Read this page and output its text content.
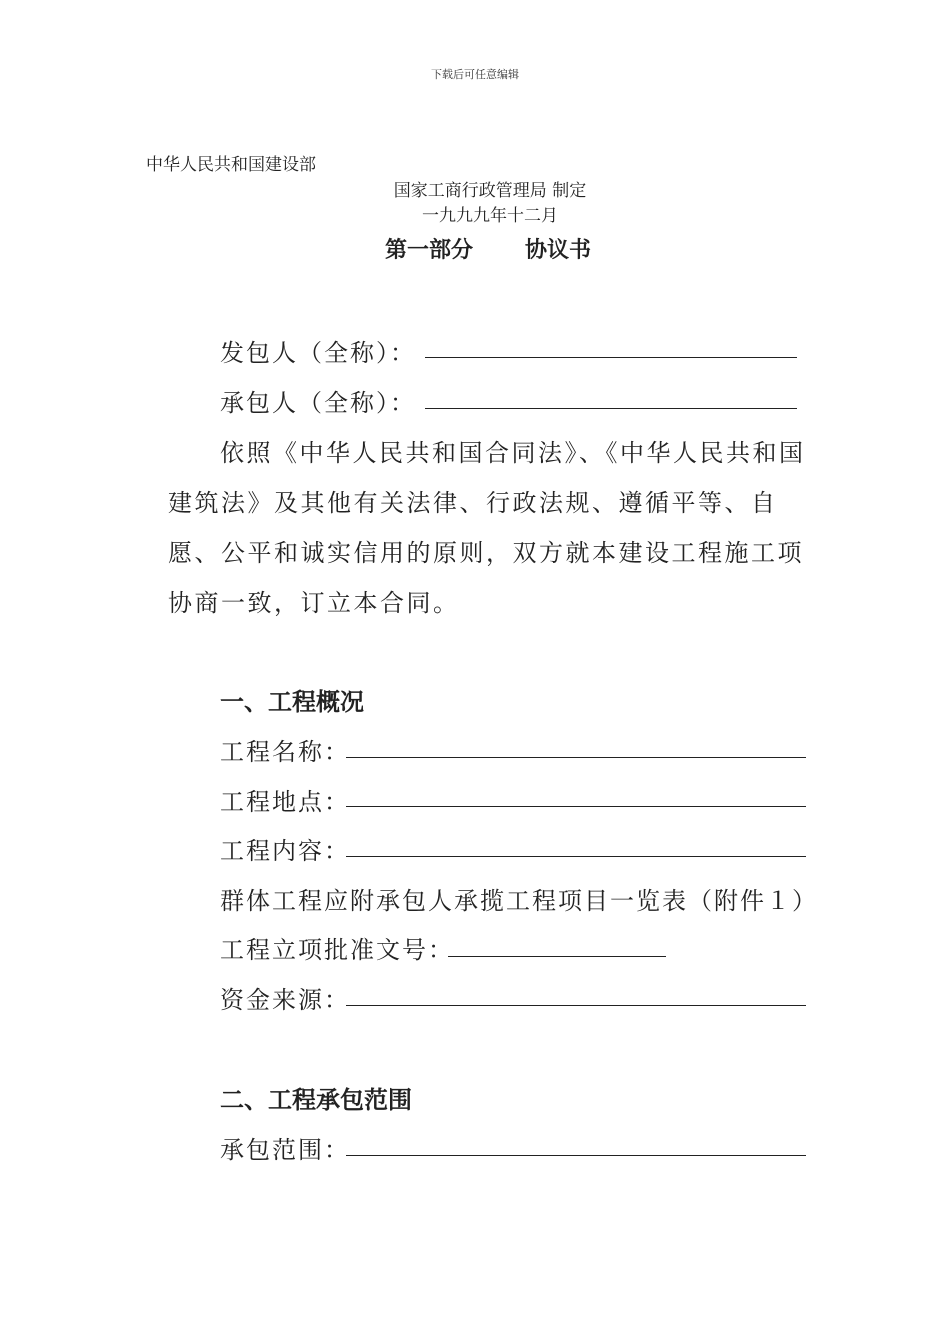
下载后可任意编辑
中华人民共和国建设部
国家工商行政管理局 制定
一九九九年十二月
第一部分 协议书
发包人（全称）：
承包人（全称）：
依照《中华人民共和国合同法》、《中华人民共和国建筑法》及其他有关法律、行政法规、遵循平等、自愿、公平和诚实信用的原则，双方就本建设工程施工项协商一致，订立本合同。
一、工程概况
工程名称：
工程地点：
工程内容：
群体工程应附承包人承揽工程项目一览表（附件１）
工程立项批准文号：
资金来源：
二、工程承包范围
承包范围：
